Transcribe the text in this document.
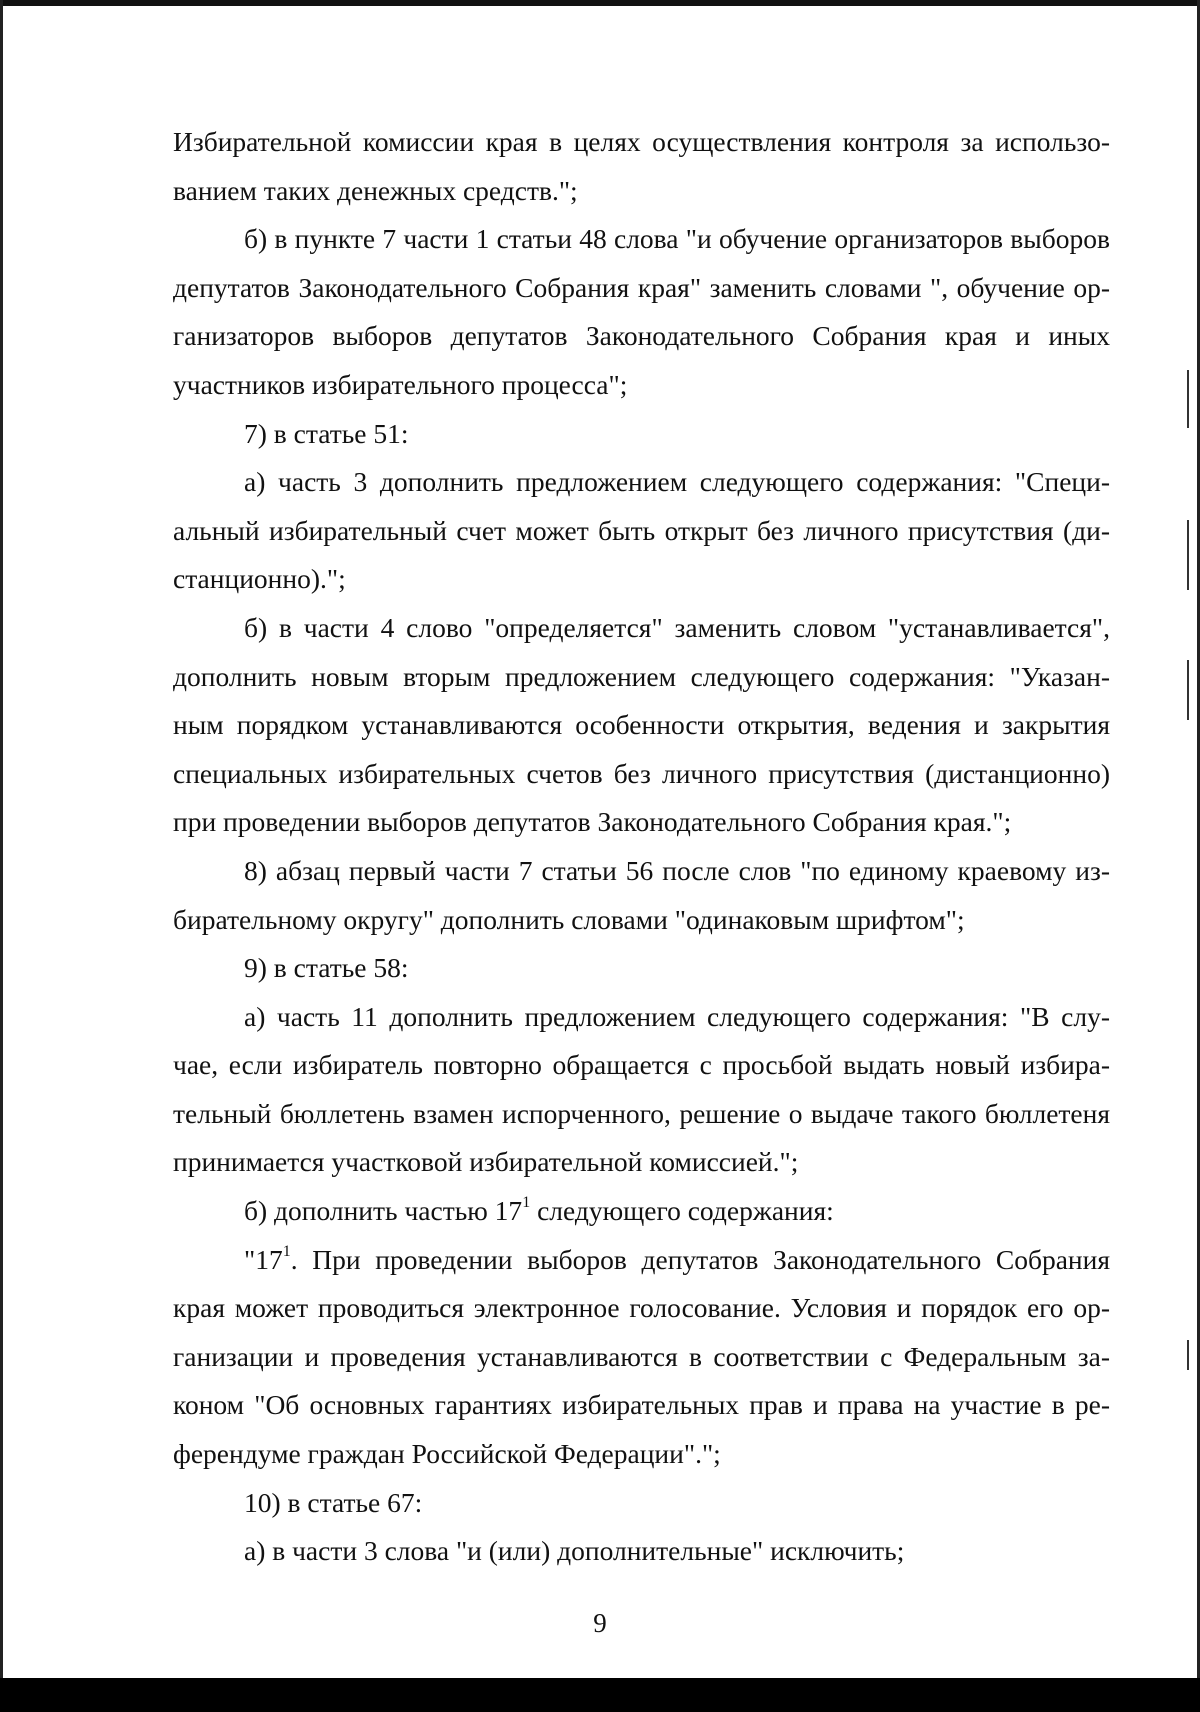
Избирательной комиссии края в целях осуществления контроля за использо-
ванием таких денежных средств.";
б) в пункте 7 части 1 статьи 48 слова "и обучение организаторов выборов
депутатов Законодательного Собрания края" заменить словами ", обучение ор-
ганизаторов выборов депутатов Законодательного Собрания края и иных
участников избирательного процесса";
7) в статье 51:
а) часть 3 дополнить предложением следующего содержания: "Специ-
альный избирательный счет может быть открыт без личного присутствия (ди-
станционно).";
б) в части 4 слово "определяется" заменить словом "устанавливается",
дополнить новым вторым предложением следующего содержания: "Указан-
ным порядком устанавливаются особенности открытия, ведения и закрытия
специальных избирательных счетов без личного присутствия (дистанционно)
при проведении выборов депутатов Законодательного Собрания края.";
8) абзац первый части 7 статьи 56 после слов "по единому краевому из-
бирательному округу" дополнить словами "одинаковым шрифтом";
9) в статье 58:
а) часть 11 дополнить предложением следующего содержания: "В слу-
чае, если избиратель повторно обращается с просьбой выдать новый избира-
тельный бюллетень взамен испорченного, решение о выдаче такого бюллетеня
принимается участковой избирательной комиссией.";
б) дополнить частью $17^1$ следующего содержания:
"$17^1$. При проведении выборов депутатов Законодательного Собрания
края может проводиться электронное голосование. Условия и порядок его ор-
ганизации и проведения устанавливаются в соответствии с Федеральным за-
коном "Об основных гарантиях избирательных прав и права на участие в ре-
ферендуме граждан Российской Федерации".";
10) в статье 67:
а) в части 3 слова "и (или) дополнительные" исключить;
9
